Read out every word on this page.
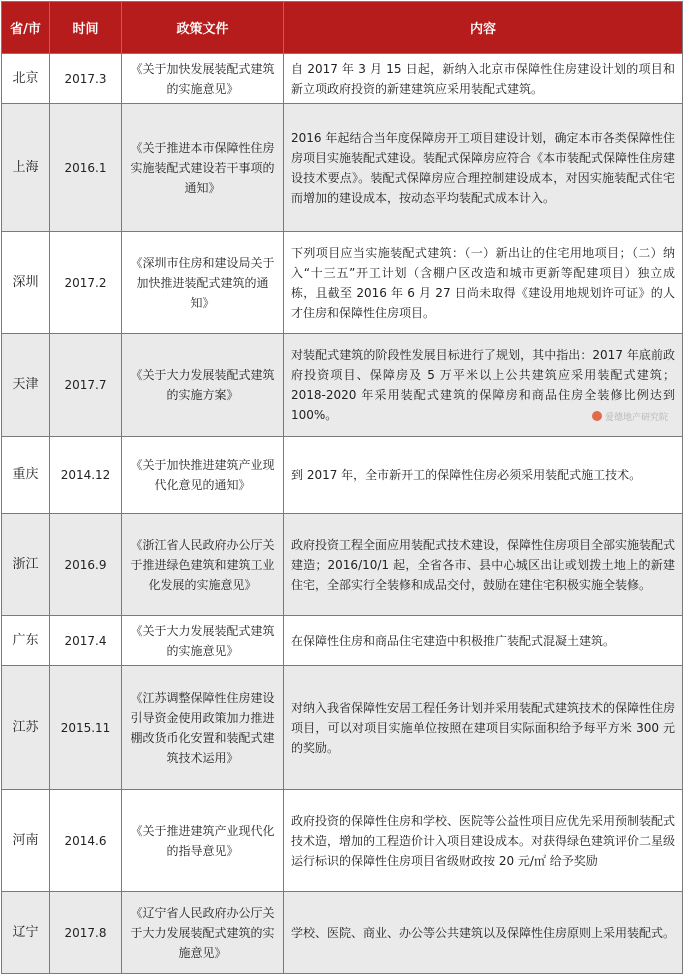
省/市	时间	政策文件	内容
北京	2017.3	《关于加快发展装配式建筑的实施意见》	自 2017 年 3 月 15 日起，新纳入北京市保障性住房建设计划的项目和新立项政府投资的新建建筑应采用装配式建筑。
上海	2016.1	《关于推进本市保障性住房实施装配式建设若干事项的通知》	2016 年起结合当年度保障房开工项目建设计划，确定本市各类保障性住房项目实施装配式建设。装配式保障房应符合《本市装配式保障性住房建设技术要点》。装配式保障房应合理控制建设成本，对因实施装配式住宅而增加的建设成本，按动态平均装配式成本计入。
深圳	2017.2	《深圳市住房和建设局关于加快推进装配式建筑的通知》	下列项目应当实施装配式建筑：（一）新出让的住宅用地项目；（二）纳入“十三五”开工计划（含棚户区改造和城市更新等配建项目）独立成栋，且截至 2016 年 6 月 27 日尚未取得《建设用地规划许可证》的人才住房和保障性住房项目。
天津	2017.7	《关于大力发展装配式建筑的实施方案》	对装配式建筑的阶段性发展目标进行了规划，其中指出：2017 年底前政府投资项目、保障房及 5 万平米以上公共建筑应采用装配式建筑；2018-2020 年采用装配式建筑的保障房和商品住房全装修比例达到 100%。
重庆	2014.12	《关于加快推进建筑产业现代化意见的通知》	到 2017 年，全市新开工的保障性住房必须采用装配式施工技术。
浙江	2016.9	《浙江省人民政府办公厅关于推进绿色建筑和建筑工业化发展的实施意见》	政府投资工程全面应用装配式技术建设，保障性住房项目全部实施装配式建造；2016/10/1 起，全省各市、县中心城区出让或划拨土地上的新建住宅，全部实行全装修和成品交付，鼓励在建住宅积极实施全装修。
广东	2017.4	《关于大力发展装配式建筑的实施意见》	在保障性住房和商品住宅建造中积极推广装配式混凝土建筑。
江苏	2015.11	《江苏调整保障性住房建设引导资金使用政策加力推进棚改货币化安置和装配式建筑技术运用》	对纳入我省保障性安居工程任务计划并采用装配式建筑技术的保障性住房项目，可以对项目实施单位按照在建项目实际面积给予每平方米 300 元的奖励。
河南	2014.6	《关于推进建筑产业现代化的指导意见》	政府投资的保障性住房和学校、医院等公益性项目应优先采用预制装配式技术造，增加的工程造价计入项目建设成本。对获得绿色建筑评价二星级运行标识的保障性住房项目省级财政按 20 元/㎡ 给予奖励
辽宁	2017.8	《辽宁省人民政府办公厅关于大力发展装配式建筑的实施意见》	学校、医院、商业、办公等公共建筑以及保障性住房原则上采用装配式。
爱德地产研究院
